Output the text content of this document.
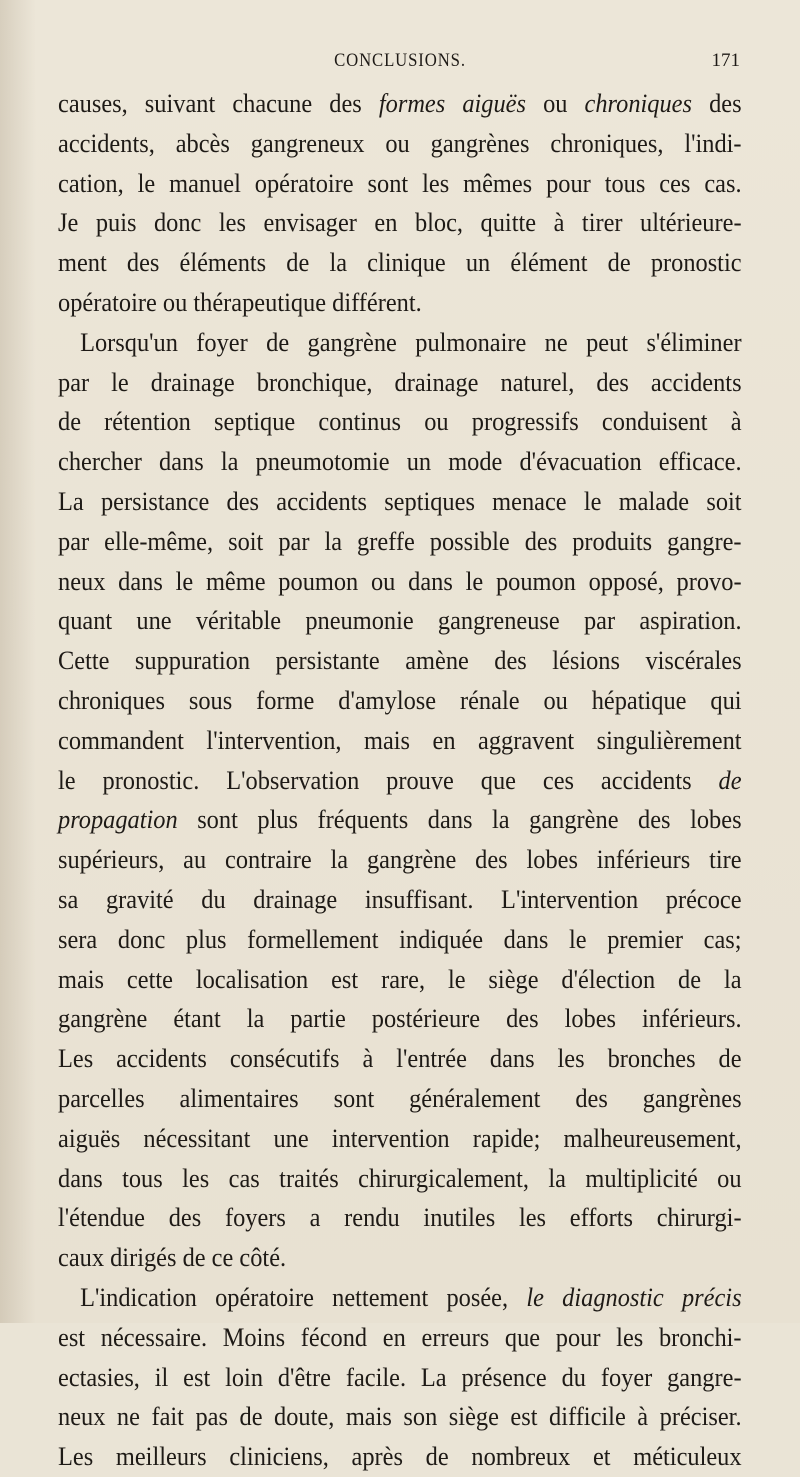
CONCLUSIONS.	171
causes, suivant chacune des formes aiguës ou chroniques des
accidents, abcès gangreneux ou gangrènes chroniques, l'indi-
cation, le manuel opératoire sont les mêmes pour tous ces cas.
Je puis donc les envisager en bloc, quitte à tirer ultérieure-
ment des éléments de la clinique un élément de pronostic
opératoire ou thérapeutique différent.
Lorsqu'un foyer de gangrène pulmonaire ne peut s'éliminer
par le drainage bronchique, drainage naturel, des accidents
de rétention septique continus ou progressifs conduisent à
chercher dans la pneumotomie un mode d'évacuation efficace.
La persistance des accidents septiques menace le malade soit
par elle-même, soit par la greffe possible des produits gangre-
neux dans le même poumon ou dans le poumon opposé, provo-
quant une véritable pneumonie gangreneuse par aspiration.
Cette suppuration persistante amène des lésions viscérales
chroniques sous forme d'amylose rénale ou hépatique qui
commandent l'intervention, mais en aggravent singulièrement
le pronostic. L'observation prouve que ces accidents de
propagation sont plus fréquents dans la gangrène des lobes
supérieurs, au contraire la gangrène des lobes inférieurs tire
sa gravité du drainage insuffisant. L'intervention précoce
sera donc plus formellement indiquée dans le premier cas;
mais cette localisation est rare, le siège d'élection de la
gangrène étant la partie postérieure des lobes inférieurs.
Les accidents consécutifs à l'entrée dans les bronches de
parcelles alimentaires sont généralement des gangrènes
aiguës nécessitant une intervention rapide; malheureusement,
dans tous les cas traités chirurgicalement, la multiplicité ou
l'étendue des foyers a rendu inutiles les efforts chirurgi-
caux dirigés de ce côté.
L'indication opératoire nettement posée, le diagnostic précis
est nécessaire. Moins fécond en erreurs que pour les bronchi-
ectasies, il est loin d'être facile. La présence du foyer gangre-
neux ne fait pas de doute, mais son siège est difficile à préciser.
Les meilleurs cliniciens, après de nombreux et méticuleux
